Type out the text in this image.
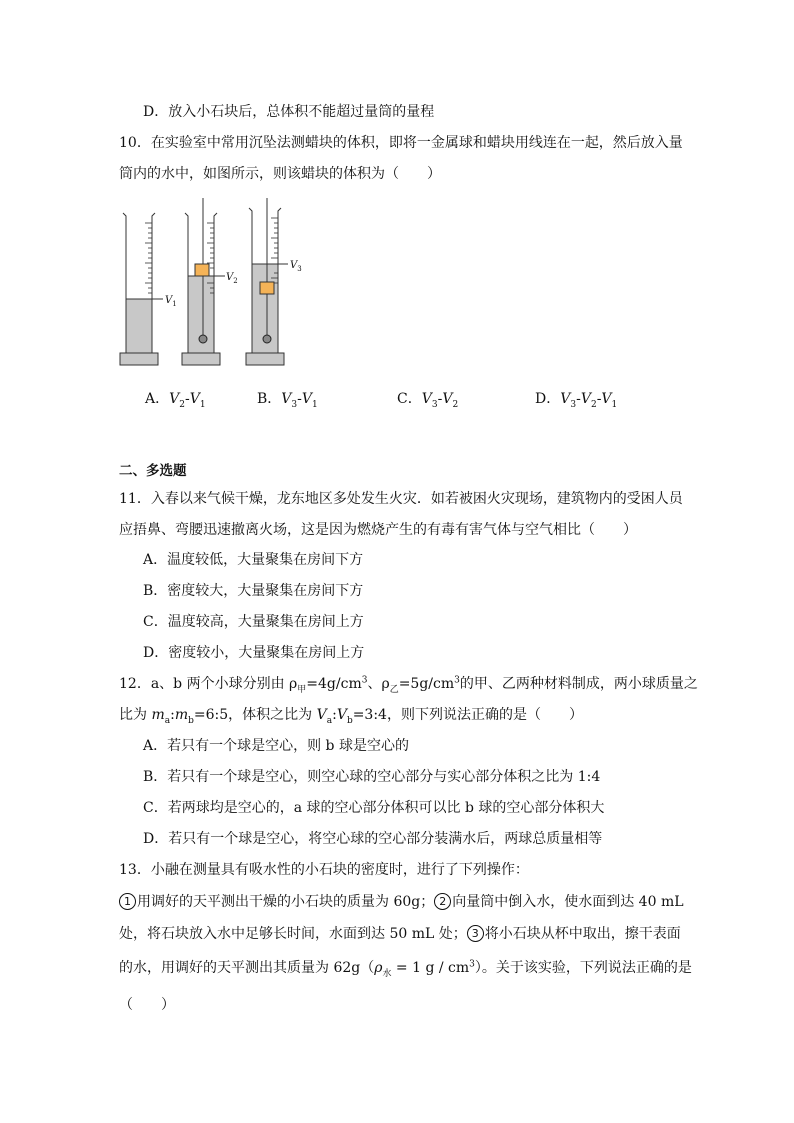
D．放入小石块后，总体积不能超过量筒的量程
10．在实验室中常用沉坠法测蜡块的体积，即将一金属球和蜡块用线连在一起，然后放入量
筒内的水中，如图所示，则该蜡块的体积为（　　）
$V_1$
$V_2$
$V_3$
A．$V_2-V_1$	B．$V_3-V_1$	C．$V_3-V_2$	D．$V_3-V_2-V_1$
二、多选题
11．入春以来气候干燥，龙东地区多处发生火灾．如若被困火灾现场，建筑物内的受困人员
应捂鼻、弯腰迅速撤离火场，这是因为燃烧产生的有毒有害气体与空气相比（　　）
A．温度较低，大量聚集在房间下方
B．密度较大，大量聚集在房间下方
C．温度较高，大量聚集在房间上方
D．密度较小，大量聚集在房间上方
12．a、b 两个小球分别由 $\rho_甲=4g/cm^3$、$\rho_乙=5g/cm^3$的甲、乙两种材料制成，两小球质量之
比为 $m_a:m_b=6:5$，体积之比为 $V_a:V_b=3:4$，则下列说法正确的是（　　）
A．若只有一个球是空心，则 b 球是空心的
B．若只有一个球是空心，则空心球的空心部分与实心部分体积之比为 1:4
C．若两球均是空心的，a 球的空心部分体积可以比 b 球的空心部分体积大
D．若只有一个球是空心，将空心球的空心部分装满水后，两球总质量相等
13．小融在测量具有吸水性的小石块的密度时，进行了下列操作：
1 用调好的天平测出干燥的小石块的质量为 60g； 2 向量筒中倒入水，使水面到达 40 mL
处，将石块放入水中足够长时间，水面到达 50 mL 处； 3 将小石块从杯中取出，擦干表面
的水，用调好的天平测出其质量为 $62g(\rho_水 = 1$ g / $cm^3$）。关于该实验，下列说法正确的是
（　　）
